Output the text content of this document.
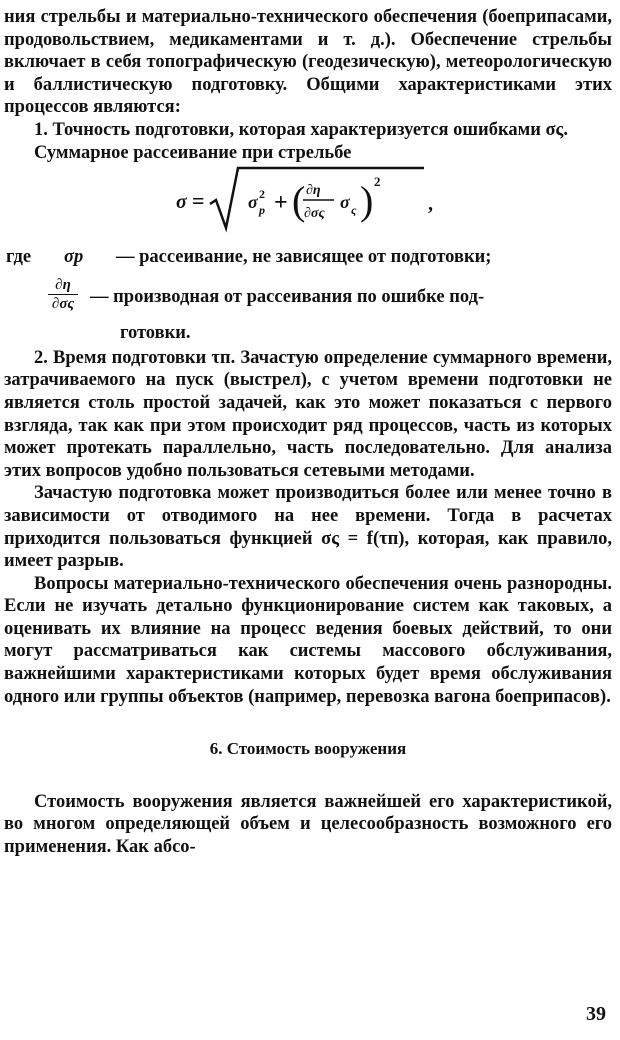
ния стрельбы и материально-технического обеспечения (боеприпасами, продовольствием, медикаментами и т. д.). Обеспечение стрельбы включает в себя топографическую (геодезическую), метеорологическую и баллистическую подготовку. Общими характеристиками этих процессов являются:

1. Точность подготовки, которая характеризуется ошибками σς.

Суммарное рассеивание при стрельбе

σ = σ 2
p + ( ∂η
∂σς
σ ς ) 2
,
где σp — рассеивание, не зависящее от подготовки;
$\frac{\partial\eta}{\partial\sigma\varsigma}$ — производная от рассеивания по ошибке под-
готовки.

2. Время подготовки τп. Зачастую определение суммарного времени, затрачиваемого на пуск (выстрел), с учетом времени подготовки не является столь простой задачей, как это может показаться с первого взгляда, так как при этом происходит ряд процессов, часть из которых может протекать параллельно, часть последовательно. Для анализа этих вопросов удобно пользоваться сетевыми методами.

Зачастую подготовка может производиться более или менее точно в зависимости от отводимого на нее времени. Тогда в расчетах приходится пользоваться функцией σς = f(τп), которая, как правило, имеет разрыв.

Вопросы материально-технического обеспечения очень разнородны. Если не изучать детально функционирование систем как таковых, а оценивать их влияние на процесс ведения боевых действий, то они могут рассматриваться как системы массового обслуживания, важнейшими характеристиками которых будет время обслуживания одного или группы объектов (например, перевозка вагона боеприпасов).

6. Стоимость вооружения

Стоимость вооружения является важнейшей его характеристикой, во многом определяющей объем и целесообразность возможного его применения. Как абсо-

39
